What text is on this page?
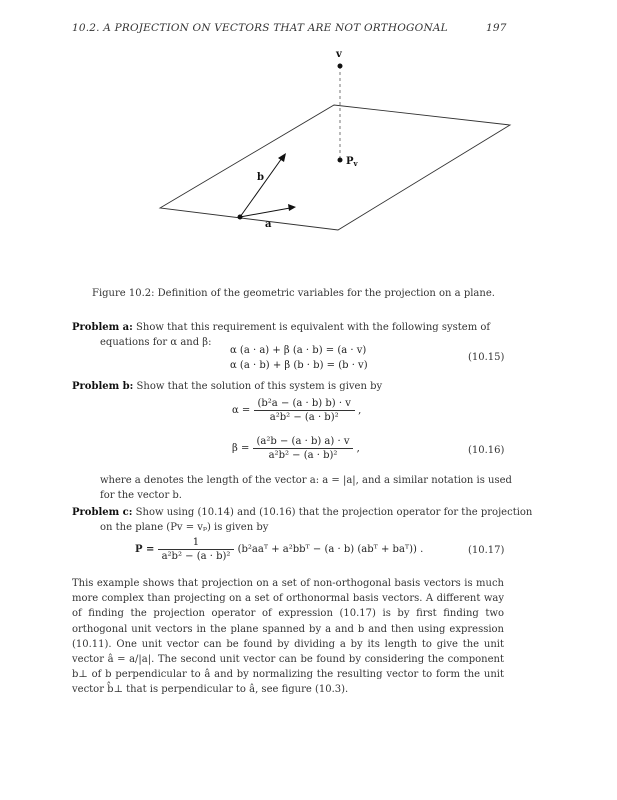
10.2. A PROJECTION ON VECTORS THAT ARE NOT ORTHOGONAL	197
v
$P_v$
b
a
Figure 10.2: Definition of the geometric variables for the projection on a plane.
Problem a: Show that this requirement is equivalent with the following system of equations for α and β:
α (a · a) + β (a · b) = (a · v)
α (a · b) + β (b · b) = (b · v)
(10.15)
Problem b: Show that the solution of this system is given by
$\alpha = \frac{\text{(b²a − (a · b) b) · v}}{\text{a²b² − (a · b)²}}$ ,
$\beta = \frac{\text{(a²b − (a · b) a) · v}}{\text{a²b² − (a · b)²}}$ ,	(10.16)
where a denotes the length of the vector a: a = |a|, and a similar notation is used for the vector b.
Problem c: Show using (10.14) and (10.16) that the projection operator for the projection on the plane (Pv = vₚ) is given by
$P = \frac{1}{\text{a²b² − (a · b)²}}$ (b²aaᵀ + a²bbᵀ − (a · b) (abᵀ + baᵀ)) .	(10.17)
This example shows that projection on a set of non-orthogonal basis vectors is much more complex than projecting on a set of orthonormal basis vectors. A different way of finding the projection operator of expression (10.17) is by first finding two orthogonal unit vectors in the plane spanned by a and b and then using expression (10.11). One unit vector can be found by dividing a by its length to give the unit vector â = a/|a|. The second unit vector can be found by considering the component b⊥ of b perpendicular to â and by normalizing the resulting vector to form the unit vector b̂⊥ that is perpendicular to â, see figure (10.3).
